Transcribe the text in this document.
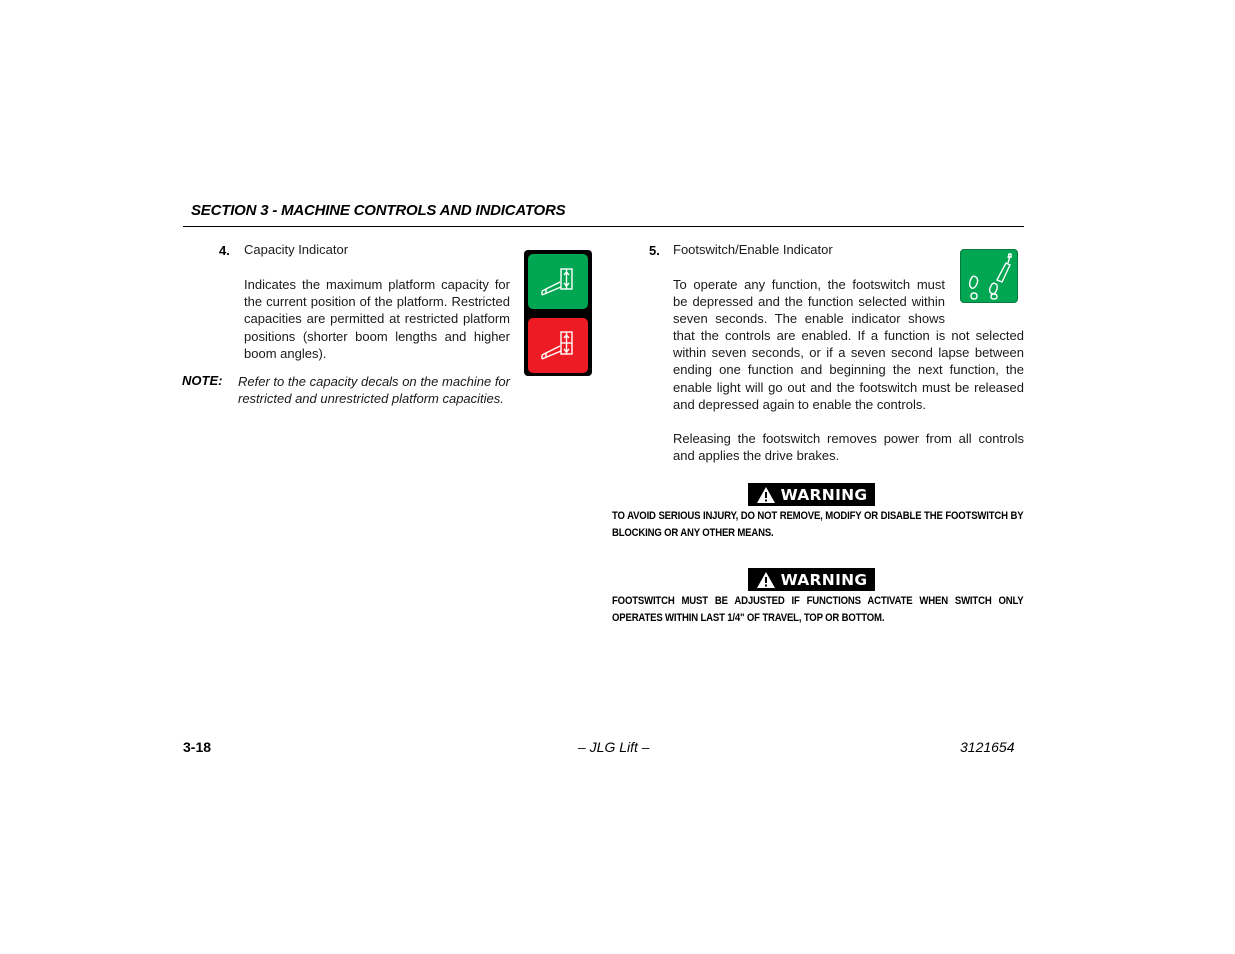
SECTION 3 - MACHINE CONTROLS AND INDICATORS
4. Capacity Indicator
Indicates the maximum platform capacity for the current position of the platform. Restricted capacities are permitted at restricted platform positions (shorter boom lengths and higher boom angles).
NOTE: Refer to the capacity decals on the machine for restricted and unrestricted platform capacities.
5. Footswitch/Enable Indicator
To operate any function, the footswitch must
be depressed and the function selected within
seven seconds. The enable indicator shows
that the controls are enabled. If a function is not selected within seven seconds, or if a seven second lapse between ending one function and beginning the next function, the enable light will go out and the footswitch must be released and depressed again to enable the controls.
Releasing the footswitch removes power from all controls and applies the drive brakes.
WARNING
TO AVOID SERIOUS INJURY, DO NOT REMOVE, MODIFY OR DISABLE THE FOOTSWITCH BY BLOCKING OR ANY OTHER MEANS.
WARNING
FOOTSWITCH MUST BE ADJUSTED IF FUNCTIONS ACTIVATE WHEN SWITCH ONLY OPERATES WITHIN LAST 1/4" OF TRAVEL, TOP OR BOTTOM.
3-18	– JLG Lift –	3121654
